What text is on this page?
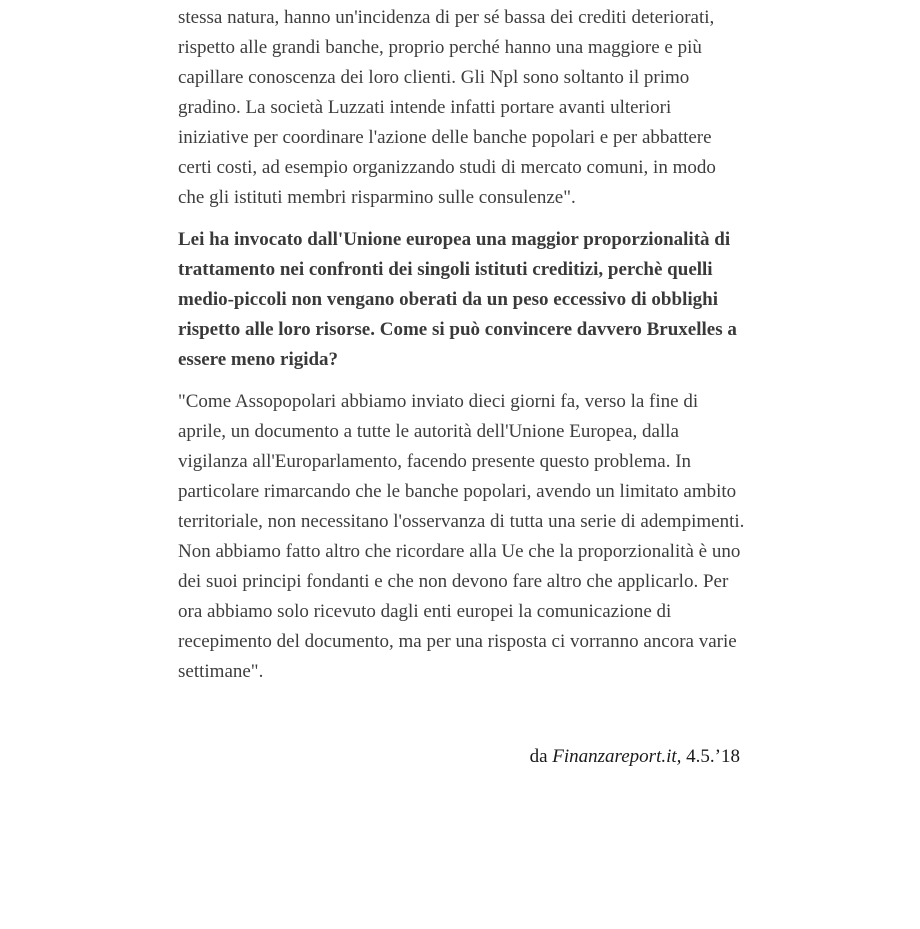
stessa natura, hanno un'incidenza di per sé bassa dei crediti deteriorati, rispetto alle grandi banche, proprio perché hanno una maggiore e più capillare conoscenza dei loro clienti. Gli Npl sono soltanto il primo gradino. La società Luzzati intende infatti portare avanti ulteriori iniziative per coordinare l'azione delle banche popolari e per abbattere certi costi, ad esempio organizzando studi di mercato comuni, in modo che gli istituti membri risparmino sulle consulenze".

Lei ha invocato dall'Unione europea una maggior proporzionalità di trattamento nei confronti dei singoli istituti creditizi, perchè quelli medio-piccoli non vengano oberati da un peso eccessivo di obblighi rispetto alle loro risorse. Come si può convincere davvero Bruxelles a essere meno rigida?

"Come Assopopolari abbiamo inviato dieci giorni fa, verso la fine di aprile, un documento a tutte le autorità dell'Unione Europea, dalla vigilanza all'Europarlamento, facendo presente questo problema. In particolare rimarcando che le banche popolari, avendo un limitato ambito territoriale, non necessitano l'osservanza di tutta una serie di adempimenti. Non abbiamo fatto altro che ricordare alla Ue che la proporzionalità è uno dei suoi principi fondanti e che non devono fare altro che applicarlo. Per ora abbiamo solo ricevuto dagli enti europei la comunicazione di recepimento del documento, ma per una risposta ci vorranno ancora varie settimane".

da Finanzareport.it, 4.5.’18
